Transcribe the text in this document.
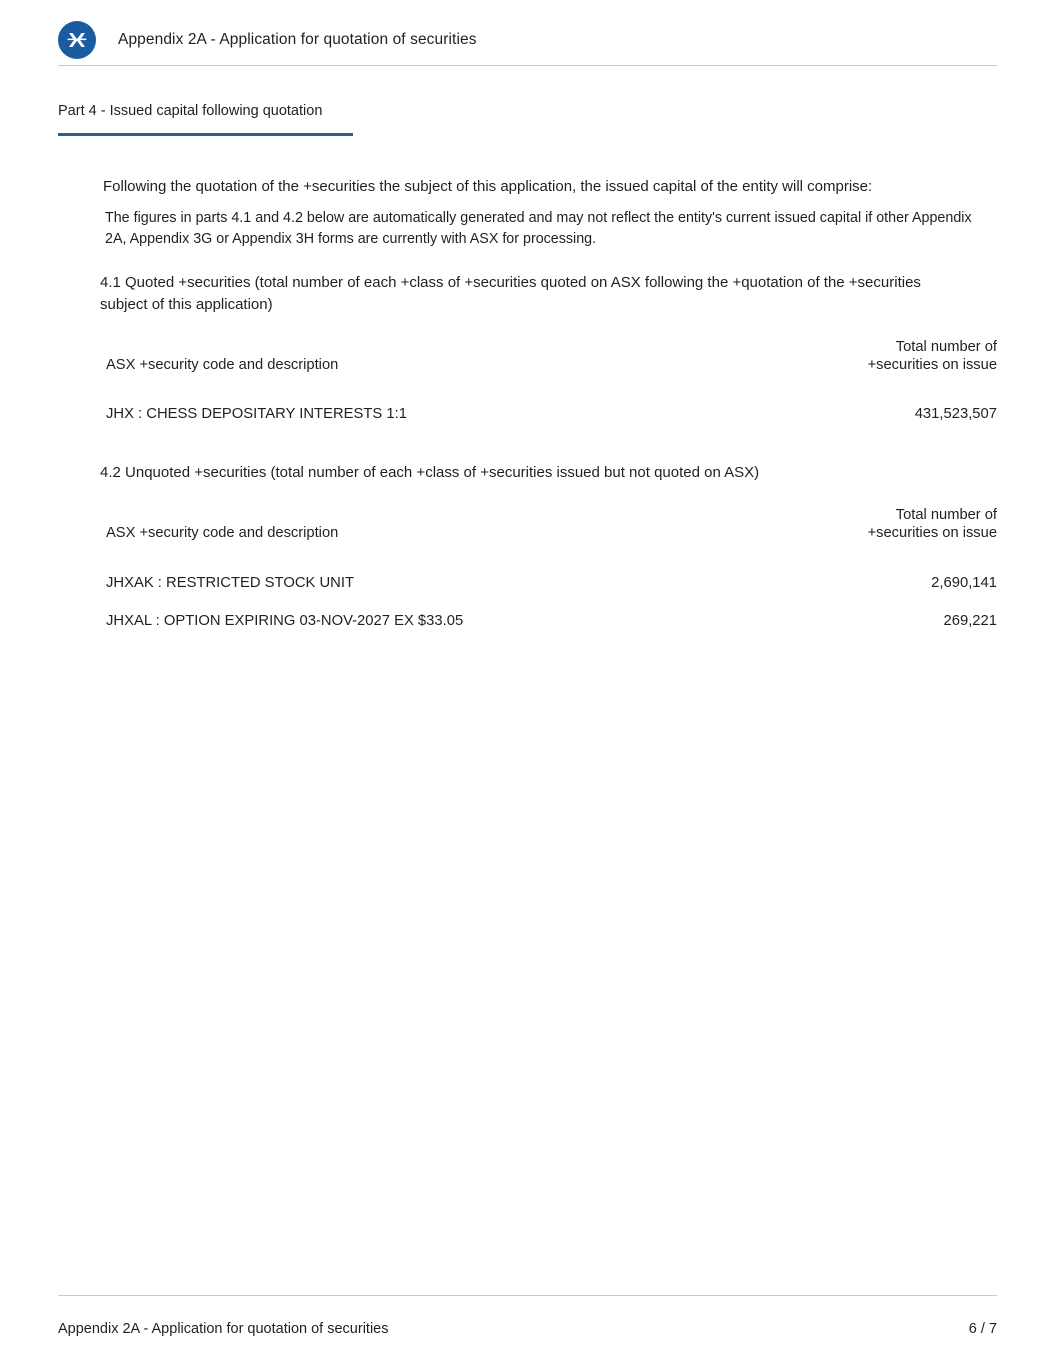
Appendix 2A - Application for quotation of securities
Part 4 - Issued capital following quotation

Following the quotation of the +securities the subject of this application, the issued capital of the entity will comprise:

The figures in parts 4.1 and 4.2 below are automatically generated and may not reflect the entity's current issued capital if other Appendix 2A, Appendix 3G or Appendix 3H forms are currently with ASX for processing.

4.1 Quoted +securities (total number of each +class of +securities quoted on ASX following the +quotation of the +securities subject of this application)

ASX +security code and description	Total number of
+securities on issue
JHX : CHESS DEPOSITARY INTERESTS 1:1	431,523,507

4.2 Unquoted +securities (total number of each +class of +securities issued but not quoted on ASX)

ASX +security code and description	Total number of
+securities on issue
JHXAK : RESTRICTED STOCK UNIT	2,690,141
JHXAL : OPTION EXPIRING 03-NOV-2027 EX $33.05	269,221
Appendix 2A - Application for quotation of securities	6 / 7
